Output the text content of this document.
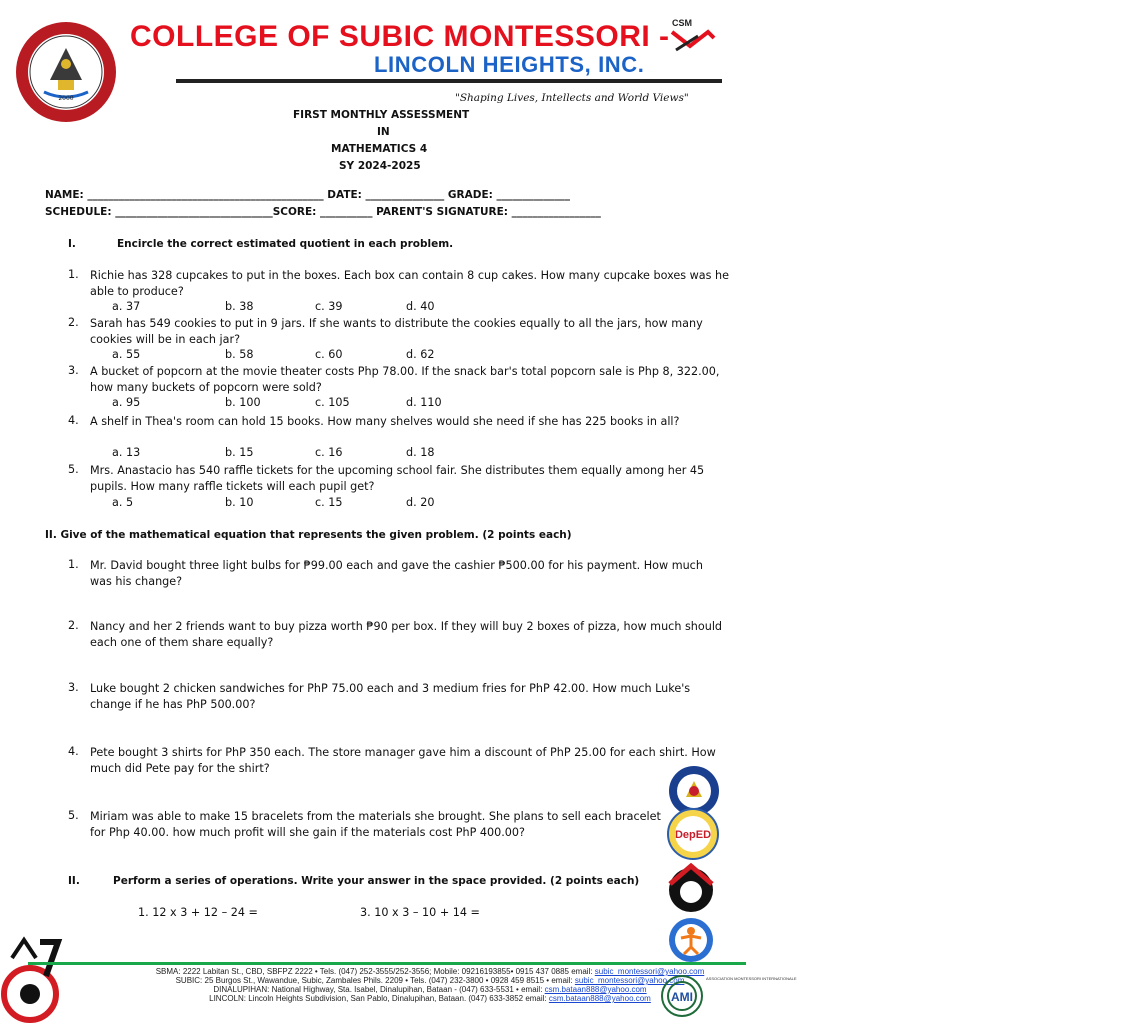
2000
COLLEGE OF SUBIC MONTESSORI -
LINCOLN HEIGHTS, INC.
CSM
"Shaping Lives, Intellects and World Views"
FIRST MONTHLY ASSESSMENT
IN
MATHEMATICS 4
SY 2024-2025
NAME: _____________________________________________ DATE: _______________ GRADE: ______________
SCHEDULE: ______________________________SCORE: __________ PARENT'S SIGNATURE: _________________
I.	Encircle the correct estimated quotient in each problem.
1. Richie has 328 cupcakes to put in the boxes. Each box can contain 8 cup cakes. How many cupcake boxes was he able to produce?
a. 37	b. 38	c. 39	d. 40
2. Sarah has 549 cookies to put in 9 jars. If she wants to distribute the cookies equally to all the jars, how many cookies will be in each jar?
a. 55	b. 58	c. 60	d. 62
3. A bucket of popcorn at the movie theater costs Php 78.00. If the snack bar's total popcorn sale is Php 8, 322.00, how many buckets of popcorn were sold?
a. 95	b. 100	c. 105	d. 110
4. A shelf in Thea's room can hold 15 books. How many shelves would she need if she has 225 books in all?
a. 13	b. 15	c. 16	d. 18
5. Mrs. Anastacio has 540 raffle tickets for the upcoming school fair. She distributes them equally among her 45 pupils. How many raffle tickets will each pupil get?
a. 5	b. 10	c. 15	d. 20
II. Give of the mathematical equation that represents the given problem. (2 points each)
1. Mr. David bought three light bulbs for ₱99.00 each and gave the cashier ₱500.00 for his payment. How much was his change?
2. Nancy and her 2 friends want to buy pizza worth ₱90 per box. If they will buy 2 boxes of pizza, how much should each one of them share equally?
3. Luke bought 2 chicken sandwiches for PhP 75.00 each and 3 medium fries for PhP 42.00. How much Luke's change if he has PhP 500.00?
4. Pete bought 3 shirts for PhP 350 each. The store manager gave him a discount of PhP 25.00 for each shirt. How much did Pete pay for the shirt?
5. Miriam was able to make 15 bracelets from the materials she brought. She plans to sell each bracelet for Php 40.00. how much profit will she gain if the materials cost PhP 400.00?
II.	Perform a series of operations. Write your answer in the space provided. (2 points each)
1. 12 x 3 + 12 – 24 =	3. 10 x 3 – 10 + 14 =
DepED
SBMA: 2222 Labitan St., CBD, SBFPZ 2222 • Tels. (047) 252-3555/252-3556; Mobile: 09216193855• 0915 437 0885 email: subic_montessori@yahoo.com
SUBIC: 25 Burgos St., Wawandue, Subic, Zambales Phils. 2209 • Tels. (047) 232-3800 • 0928 459 8515 • email: subic_montessori@yahoo.com
DINALUPIHAN: National Highway, Sta. Isabel, Dinalupihan, Bataan - (047) 633-5531 • email: csm.bataan888@yahoo.com
LINCOLN: Lincoln Heights Subdivision, San Pablo, Dinalupihan, Bataan. (047) 633-3852 email: csm.bataan888@yahoo.com	AMI
ASSOCIATION MONTESSORI INTERNATIONALE
